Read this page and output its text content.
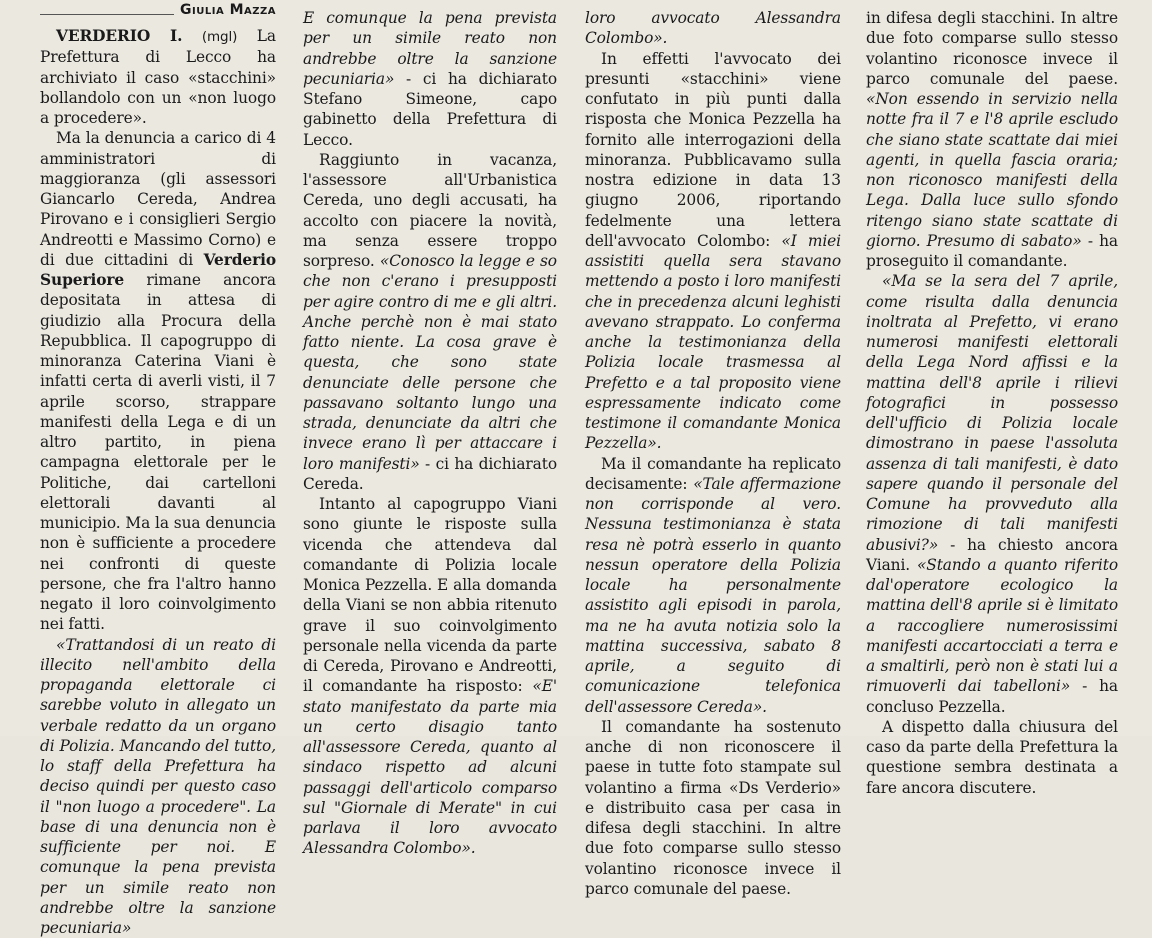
Giulia Mazza

VERDERIO I. (mgl) La Prefettura di Lecco ha archiviato il caso «stacchini» bollandolo con un «non luogo a procedere».

Ma la denuncia a carico di 4 amministratori di maggioranza (gli assessori Giancarlo Cereda, Andrea Pirovano e i consiglieri Sergio Andreotti e Massimo Corno) e di due cittadini di Verderio Superiore rimane ancora depositata in attesa di giudizio alla Procura della Repubblica. Il capogruppo di minoranza Caterina Viani è infatti certa di averli visti, il 7 aprile scorso, strappare manifesti della Lega e di un altro partito, in piena campagna elettorale per le Politiche, dai cartelloni elettorali davanti al municipio. Ma la sua denuncia non è sufficiente a procedere nei confronti di queste persone, che fra l'altro hanno negato il loro coinvolgimento nei fatti.

«Trattandosi di un reato di illecito nell'ambito della propaganda elettorale ci sarebbe voluto in allegato un verbale redatto da un organo di Polizia. Mancando del tutto, lo staff della Prefettura ha deciso quindi per questo caso il "non luogo a procedere". La base di una denuncia non è sufficiente per noi. E comunque la pena prevista per un simile reato non andrebbe oltre la sanzione pecuniaria»

E comunque la pena prevista per un simile reato non andrebbe oltre la sanzione pecuniaria» - ci ha dichiarato Stefano Simeone, capo gabinetto della Prefettura di Lecco.

Raggiunto in vacanza, l'assessore all'Urbanistica Cereda, uno degli accusati, ha accolto con piacere la novità, ma senza essere troppo sorpreso. «Conosco la legge e so che non c'erano i presupposti per agire contro di me e gli altri. Anche perchè non è mai stato fatto niente. La cosa grave è questa, che sono state denunciate delle persone che passavano soltanto lungo una strada, denunciate da altri che invece erano lì per attaccare i loro manifesti» - ci ha dichiarato Cereda.

Intanto al capogruppo Viani sono giunte le risposte sulla vicenda che attendeva dal comandante di Polizia locale Monica Pezzella. E alla domanda della Viani se non abbia ritenuto grave il suo coinvolgimento personale nella vicenda da parte di Cereda, Pirovano e Andreotti, il comandante ha risposto: «E' stato manifestato da parte mia un certo disagio tanto all'assessore Cereda, quanto al sindaco rispetto ad alcuni passaggi dell'articolo comparso sul "Giornale di Merate" in cui parlava il loro avvocato Alessandra Colombo».

loro avvocato Alessandra Colombo».

In effetti l'avvocato dei presunti «stacchini» viene confutato in più punti dalla risposta che Monica Pezzella ha fornito alle interrogazioni della minoranza. Pubblicavamo sulla nostra edizione in data 13 giugno 2006, riportando fedelmente una lettera dell'avvocato Colombo: «I miei assistiti quella sera stavano mettendo a posto i loro manifesti che in precedenza alcuni leghisti avevano strappato. Lo conferma anche la testimonianza della Polizia locale trasmessa al Prefetto e a tal proposito viene espressamente indicato come testimone il comandante Monica Pezzella».

Ma il comandante ha replicato decisamente: «Tale affermazione non corrisponde al vero. Nessuna testimonianza è stata resa nè potrà esserlo in quanto nessun operatore della Polizia locale ha personalmente assistito agli episodi in parola, ma ne ha avuta notizia solo la mattina successiva, sabato 8 aprile, a seguito di comunicazione telefonica dell'assessore Cereda».

Il comandante ha sostenuto anche di non riconoscere il paese in tutte foto stampate sul volantino a firma «Ds Verderio» e distribuito casa per casa in difesa degli stacchini. In altre due foto comparse sullo stesso volantino riconosce invece il parco comunale del paese.

in difesa degli stacchini. In altre due foto comparse sullo stesso volantino riconosce invece il parco comunale del paese. «Non essendo in servizio nella notte fra il 7 e l'8 aprile escludo che siano state scattate dai miei agenti, in quella fascia oraria; non riconosco manifesti della Lega. Dalla luce sullo sfondo ritengo siano state scattate di giorno. Presumo di sabato» - ha proseguito il comandante.

«Ma se la sera del 7 aprile, come risulta dalla denuncia inoltrata al Prefetto, vi erano numerosi manifesti elettorali della Lega Nord affissi e la mattina dell'8 aprile i rilievi fotografici in possesso dell'ufficio di Polizia locale dimostrano in paese l'assoluta assenza di tali manifesti, è dato sapere quando il personale del Comune ha provveduto alla rimozione di tali manifesti abusivi?» - ha chiesto ancora Viani. «Stando a quanto riferito dal'operatore ecologico la mattina dell'8 aprile si è limitato a raccogliere numerosissimi manifesti accartocciati a terra e a smaltirli, però non è stati lui a rimuoverli dai tabelloni» - ha concluso Pezzella.

A dispetto dalla chiusura del caso da parte della Prefettura la questione sembra destinata a fare ancora discutere.
